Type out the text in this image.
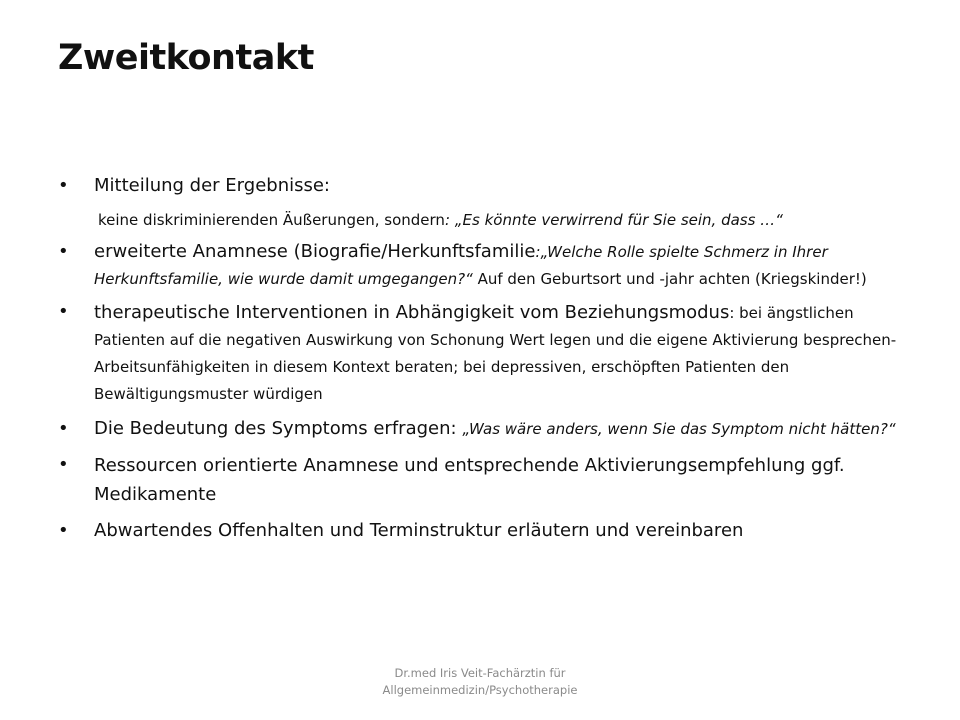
Zweitkontakt
• Mitteilung der Ergebnisse:
keine diskriminierenden Äußerungen, sondern: „Es könnte verwirrend für Sie sein, dass …“
• erweiterte Anamnese (Biografie/Herkunftsfamilie:„Welche Rolle spielte Schmerz in Ihrer Herkunftsfamilie, wie wurde damit umgegangen?“ Auf den Geburtsort und -jahr achten (Kriegskinder!)
• therapeutische Interventionen in Abhängigkeit vom Beziehungsmodus: bei ängstlichen Patienten auf die negativen Auswirkung von Schonung Wert legen und die eigene Aktivierung besprechen-Arbeitsunfähigkeiten in diesem Kontext beraten; bei depressiven, erschöpften Patienten den Bewältigungsmuster würdigen
• Die Bedeutung des Symptoms erfragen: „Was wäre anders, wenn Sie das Symptom nicht hätten?“
• Ressourcen orientierte Anamnese und entsprechende Aktivierungsempfehlung ggf. Medikamente
• Abwartendes Offenhalten und Terminstruktur erläutern und vereinbaren
Dr.med Iris Veit-Fachärztin für
Allgemeinmedizin/Psychotherapie
